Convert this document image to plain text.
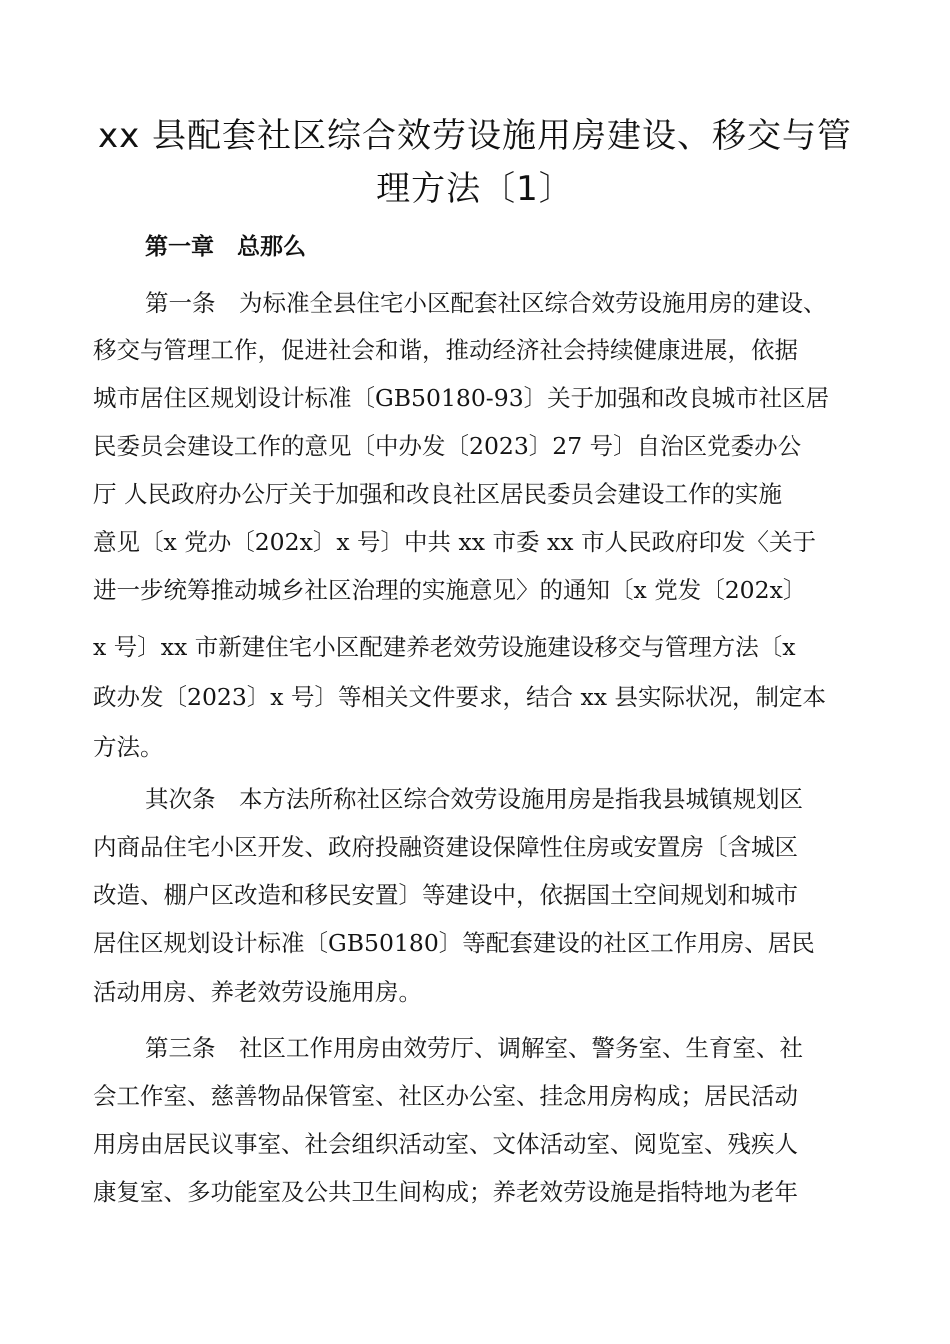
xx 县配套社区综合效劳设施用房建设、移交与管
理方法〔1〕
第一章　总那么
第一条　为标准全县住宅小区配套社区综合效劳设施用房的建设、
移交与管理工作，促进社会和谐，推动经济社会持续健康进展，依据
城市居住区规划设计标准〔GB50180-93〕关于加强和改良城市社区居
民委员会建设工作的意见〔中办发〔2023〕27 号〕自治区党委办公
厅 人民政府办公厅关于加强和改良社区居民委员会建设工作的实施
意见〔x 党办〔202x〕x 号〕中共 xx 市委 xx 市人民政府印发〈关于
进一步统筹推动城乡社区治理的实施意见〉的通知〔x 党发〔202x〕
x 号〕xx 市新建住宅小区配建养老效劳设施建设移交与管理方法〔x
政办发〔2023〕x 号〕等相关文件要求，结合 xx 县实际状况，制定本
方法。
其次条　本方法所称社区综合效劳设施用房是指我县城镇规划区
内商品住宅小区开发、政府投融资建设保障性住房或安置房〔含城区
改造、棚户区改造和移民安置〕等建设中，依据国土空间规划和城市
居住区规划设计标准〔GB50180〕等配套建设的社区工作用房、居民
活动用房、养老效劳设施用房。
第三条　社区工作用房由效劳厅、调解室、警务室、生育室、社
会工作室、慈善物品保管室、社区办公室、挂念用房构成；居民活动
用房由居民议事室、社会组织活动室、文体活动室、阅览室、残疾人
康复室、多功能室及公共卫生间构成；养老效劳设施是指特地为老年
